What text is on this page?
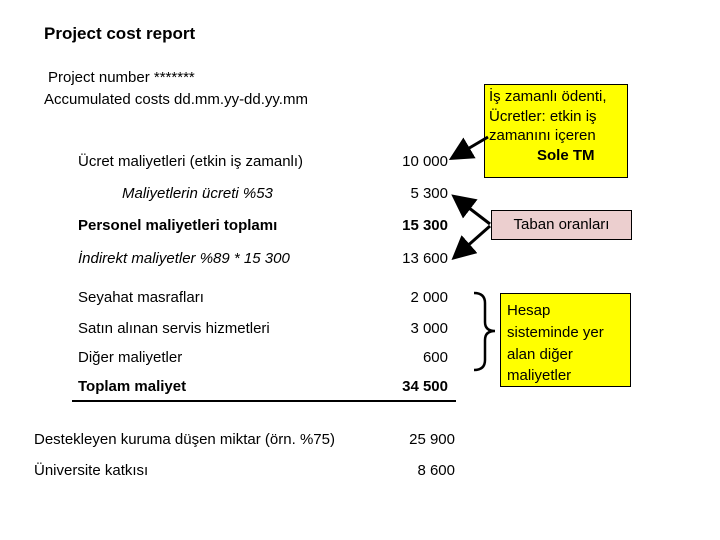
Project cost report
Project number *******
Accumulated costs dd.mm.yy-dd.yy.mm
Ücret maliyetleri (etkin iş zamanlı)	10 000
Maliyetlerin ücreti %53	5 300
Personel maliyetleri toplamı	15 300
İndirekt maliyetler %89 * 15 300	13 600
Seyahat masrafları	2 000
Satın alınan servis hizmetleri	3 000
Diğer maliyetler	600
Toplam maliyet	34 500
Destekleyen kuruma düşen miktar (örn. %75)	25 900
Üniversite katkısı	8 600
İş zamanlı ödenti,
Ücretler: etkin iş
zamanını içeren
Sole TM
Taban oranları
Hesap
sisteminde yer
alan diğer
maliyetler
